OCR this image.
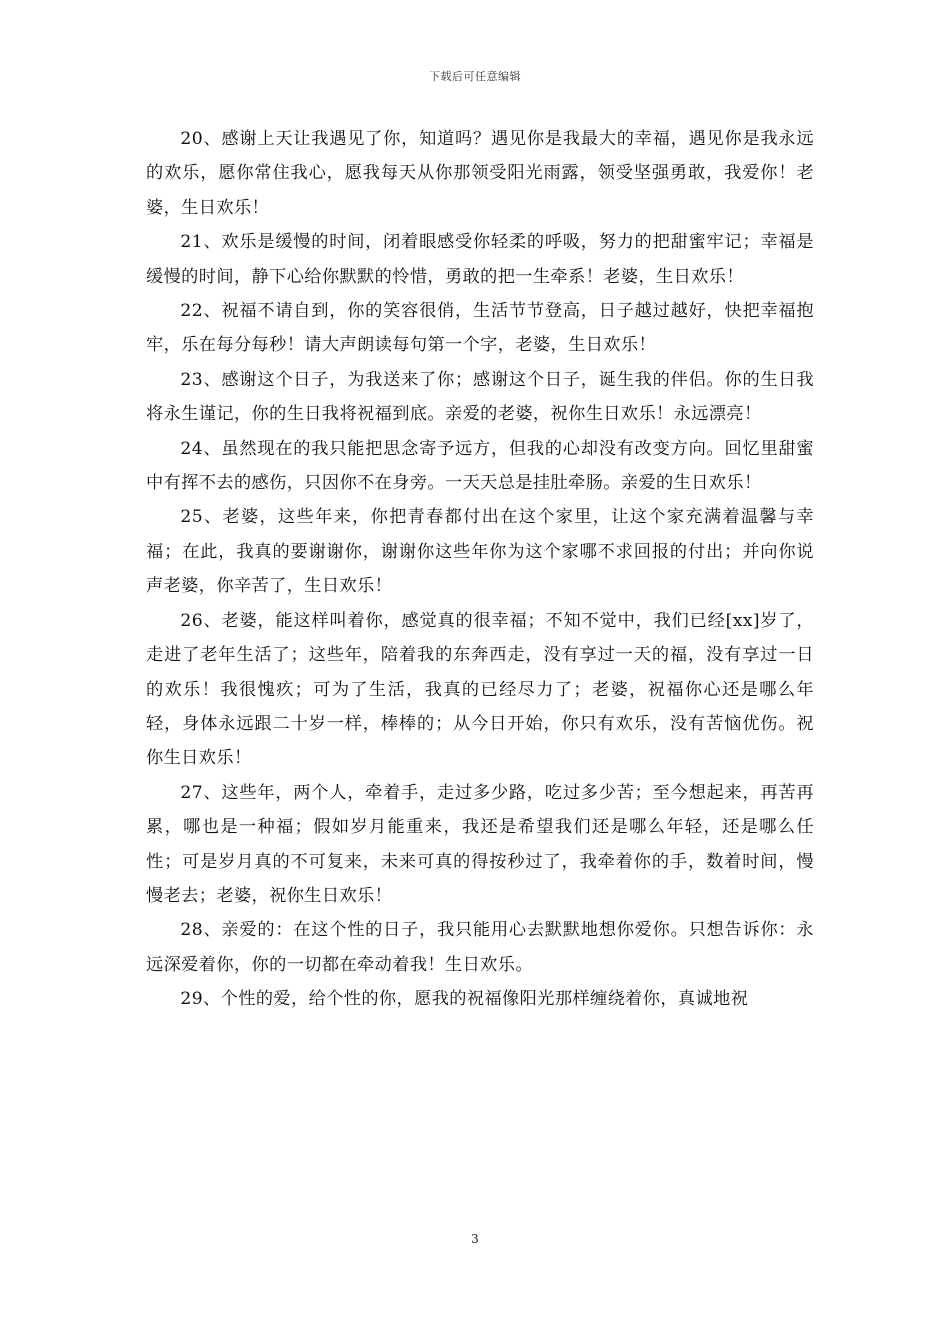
下载后可任意编辑

20、感谢上天让我遇见了你，知道吗？遇见你是我最大的幸福，遇见你是我永远的欢乐，愿你常住我心，愿我每天从你那领受阳光雨露，领受坚强勇敢，我爱你！老婆，生日欢乐！

21、欢乐是缓慢的时间，闭着眼感受你轻柔的呼吸，努力的把甜蜜牢记；幸福是缓慢的时间，静下心给你默默的怜惜，勇敢的把一生牵系！老婆，生日欢乐！

22、祝福不请自到，你的笑容很俏，生活节节登高，日子越过越好，快把幸福抱牢，乐在每分每秒！请大声朗读每句第一个字，老婆，生日欢乐！

23、感谢这个日子，为我送来了你；感谢这个日子，诞生我的伴侣。你的生日我将永生谨记，你的生日我将祝福到底。亲爱的老婆，祝你生日欢乐！永远漂亮！

24、虽然现在的我只能把思念寄予远方，但我的心却没有改变方向。回忆里甜蜜中有挥不去的感伤，只因你不在身旁。一天天总是挂肚牵肠。亲爱的生日欢乐！

25、老婆，这些年来，你把青春都付出在这个家里，让这个家充满着温馨与幸福；在此，我真的要谢谢你，谢谢你这些年你为这个家哪不求回报的付出；并向你说声老婆，你辛苦了，生日欢乐！

26、老婆，能这样叫着你，感觉真的很幸福；不知不觉中，我们已经[xx]岁了，走进了老年生活了；这些年，陪着我的东奔西走，没有享过一天的福，没有享过一日的欢乐！我很愧疚；可为了生活，我真的已经尽力了；老婆，祝福你心还是哪么年轻，身体永远跟二十岁一样，棒棒的；从今日开始，你只有欢乐，没有苦恼优伤。祝你生日欢乐！

27、这些年，两个人，牵着手，走过多少路，吃过多少苦；至今想起来，再苦再累，哪也是一种福；假如岁月能重来，我还是希望我们还是哪么年轻，还是哪么任性；可是岁月真的不可复来，未来可真的得按秒过了，我牵着你的手，数着时间，慢慢老去；老婆，祝你生日欢乐！

28、亲爱的：在这个性的日子，我只能用心去默默地想你爱你。只想告诉你：永远深爱着你，你的一切都在牵动着我！生日欢乐。

29、个性的爱，给个性的你，愿我的祝福像阳光那样缠绕着你，真诚地祝

3
